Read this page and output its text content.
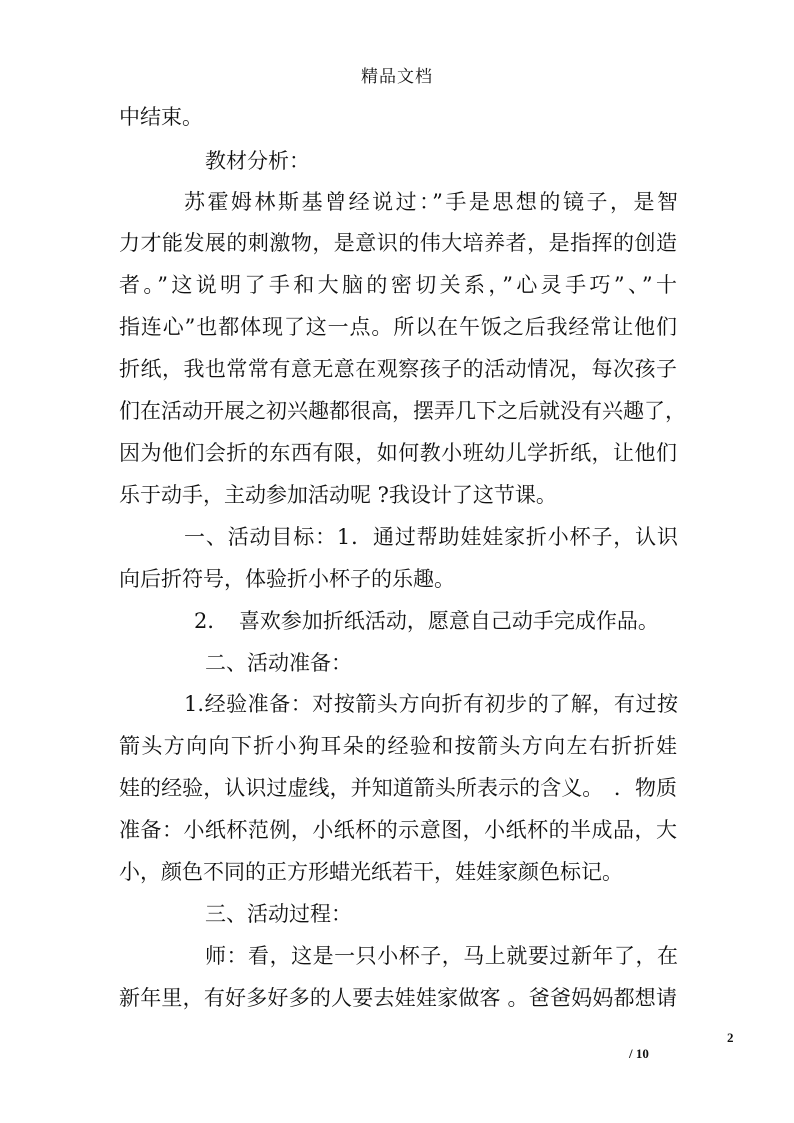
精品文档
中结束。
教材分析：
苏霍姆林斯基曾经说过：”手是思想的镜子，是智
力才能发展的刺激物，是意识的伟大培养者，是指挥的创造
者。”这说明了手和大脑的密切关系，”心灵手巧”、”十
指连心”也都体现了这一点。所以在午饭之后我经常让他们
折纸，我也常常有意无意在观察孩子的活动情况，每次孩子
们在活动开展之初兴趣都很高，摆弄几下之后就没有兴趣了，
因为他们会折的东西有限，如何教小班幼儿学折纸，让他们
乐于动手，主动参加活动呢 ?我设计了这节课。
一、活动目标：1．通过帮助娃娃家折小杯子，认识
向后折符号，体验折小杯子的乐趣。
2．　喜欢参加折纸活动，愿意自己动手完成作品。
二、活动准备：
1.经验准备：对按箭头方向折有初步的了解，有过按
箭头方向向下折小狗耳朵的经验和按箭头方向左右折折娃
娃的经验，认识过虚线，并知道箭头所表示的含义。　．物质
准备：小纸杯范例，小纸杯的示意图，小纸杯的半成品，大
小，颜色不同的正方形蜡光纸若干，娃娃家颜色标记。
三、活动过程：
师：看，这是一只小杯子，马上就要过新年了，在
新年里，有好多好多的人要去娃娃家做客 。爸爸妈妈都想请
2
/ 10
